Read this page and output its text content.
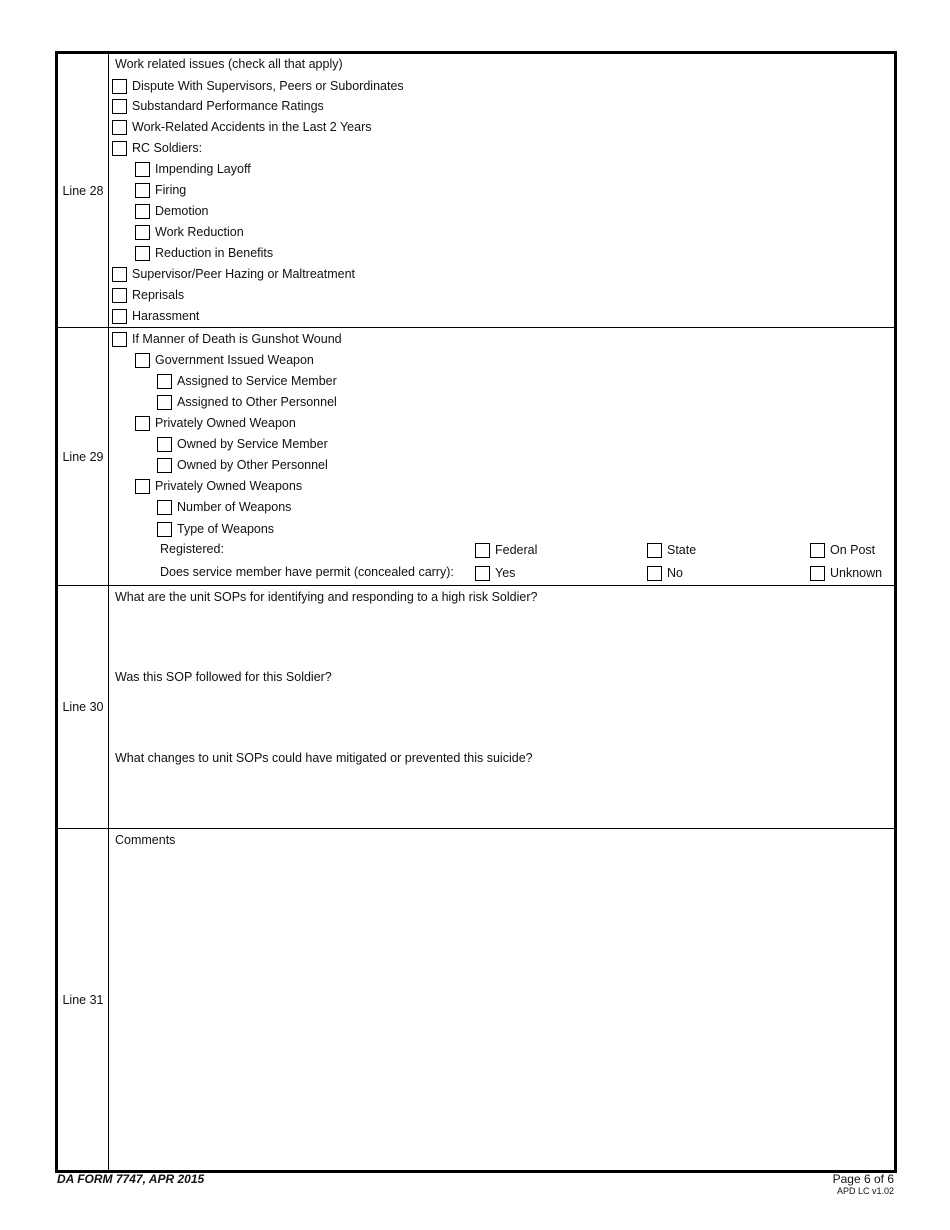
Line 28
Work related issues (check all that apply)
Dispute With Supervisors, Peers or Subordinates
Substandard Performance Ratings
Work-Related Accidents in the Last 2 Years
RC Soldiers:
Impending Layoff
Firing
Demotion
Work Reduction
Reduction in Benefits
Supervisor/Peer Hazing or Maltreatment
Reprisals
Harassment
Line 29
If Manner of Death is Gunshot Wound
Government Issued Weapon
Assigned to Service Member
Assigned to Other Personnel
Privately Owned Weapon
Owned by Service Member
Owned by Other Personnel
Privately Owned Weapons
Number of Weapons
Type of Weapons
Registered:	Federal	State	On Post
Does service member have permit (concealed carry):	Yes	No	Unknown
Line 30
What are the unit SOPs for identifying and responding to a high risk Soldier?
Was this SOP followed for this Soldier?
What changes to unit SOPs could have mitigated or prevented this suicide?
Line 31
Comments
DA FORM 7747, APR 2015	Page 6 of 6
APD LC v1.02
